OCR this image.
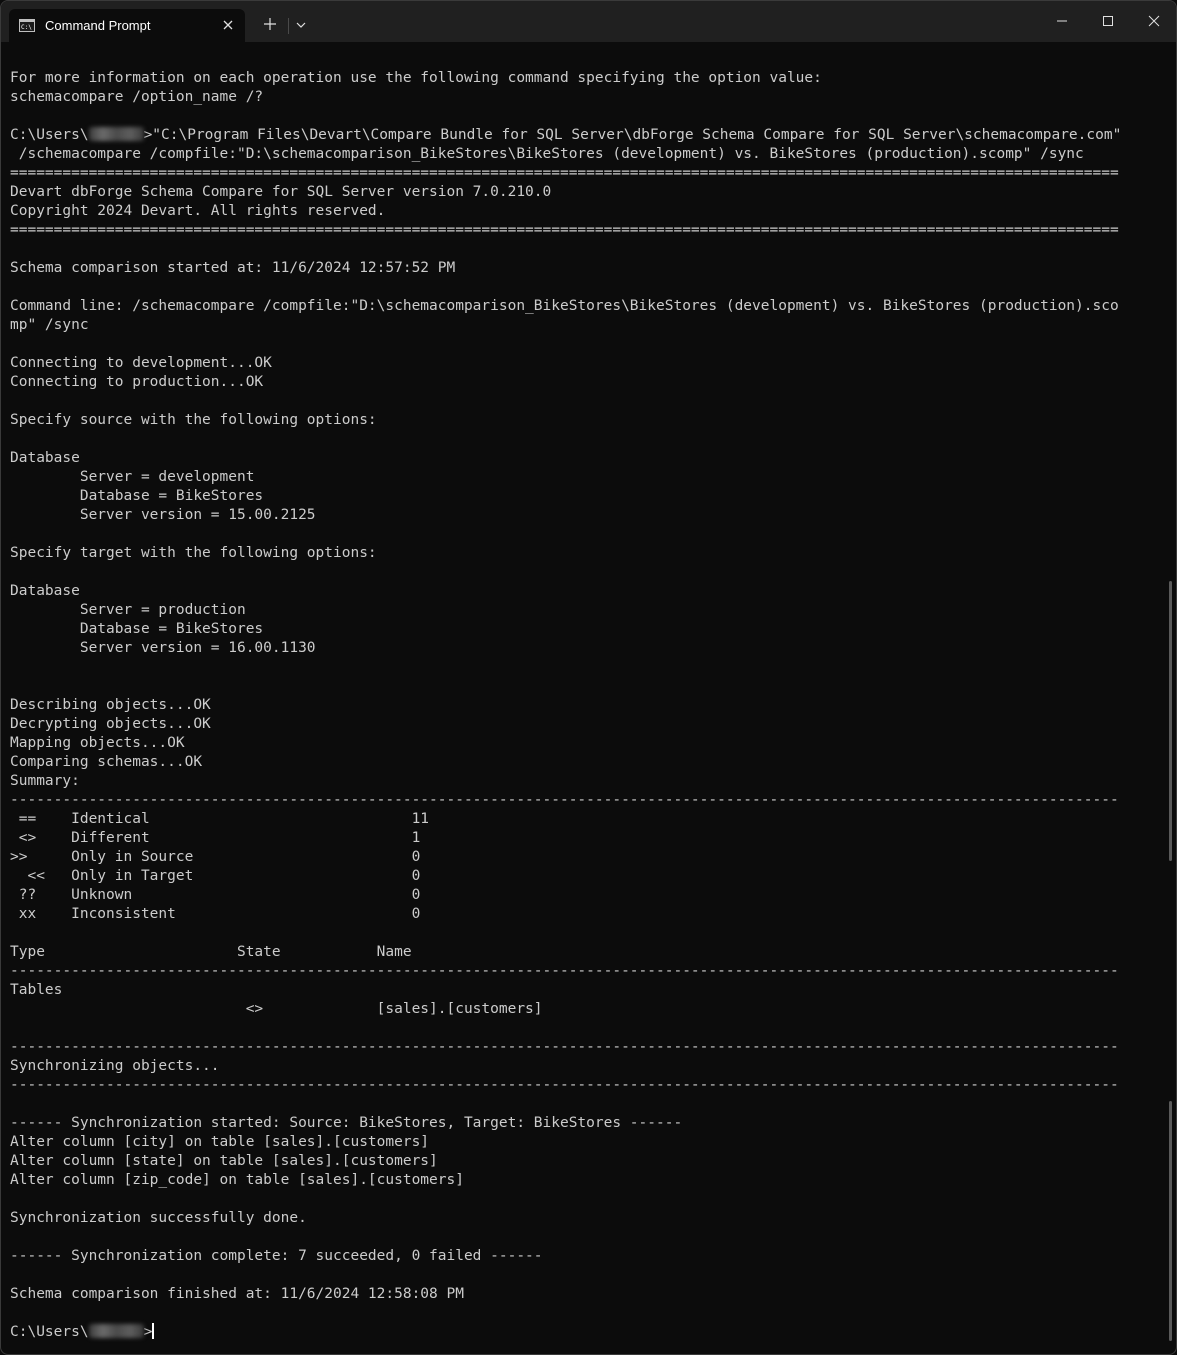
C:\ Command Prompt
For more information on each operation use the following command specifying the option value:
schemacompare /option_name /?
C:\Users\	>"C:\Program Files\Devart\Compare Bundle for SQL Server\dbForge Schema Compare for SQL Server\schemacompare.com"
/schemacompare /compfile:"D:\schemacomparison_BikeStores\BikeStores (development) vs. BikeStores (production).scomp" /sync
===============================================================================================================================
Devart dbForge Schema Compare for SQL Server version 7.0.210.0
Copyright 2024 Devart. All rights reserved.
===============================================================================================================================
Schema comparison started at: 11/6/2024 12:57:52 PM
Command line: /schemacompare /compfile:"D:\schemacomparison_BikeStores\BikeStores (development) vs. BikeStores (production).sco
mp" /sync
Connecting to development...OK
Connecting to production...OK
Specify source with the following options:
Database
Server = development
Database = BikeStores
Server version = 15.00.2125
Specify target with the following options:
Database
Server = production
Database = BikeStores
Server version = 16.00.1130
Describing objects...OK
Decrypting objects...OK
Mapping objects...OK
Comparing schemas...OK
Summary:
-------------------------------------------------------------------------------------------------------------------------------
==    Identical                              11
<>    Different                              1
>>     Only in Source                         0
<<   Only in Target                         0
??    Unknown                                0
xx    Inconsistent                           0
Type                      State           Name
-------------------------------------------------------------------------------------------------------------------------------
Tables
<>             [sales].[customers]
-------------------------------------------------------------------------------------------------------------------------------
Synchronizing objects...
-------------------------------------------------------------------------------------------------------------------------------
------ Synchronization started: Source: BikeStores, Target: BikeStores ------
Alter column [city] on table [sales].[customers]
Alter column [state] on table [sales].[customers]
Alter column [zip_code] on table [sales].[customers]
Synchronization successfully done.
------ Synchronization complete: 7 succeeded, 0 failed ------
Schema comparison finished at: 11/6/2024 12:58:08 PM
C:\Users\	>
